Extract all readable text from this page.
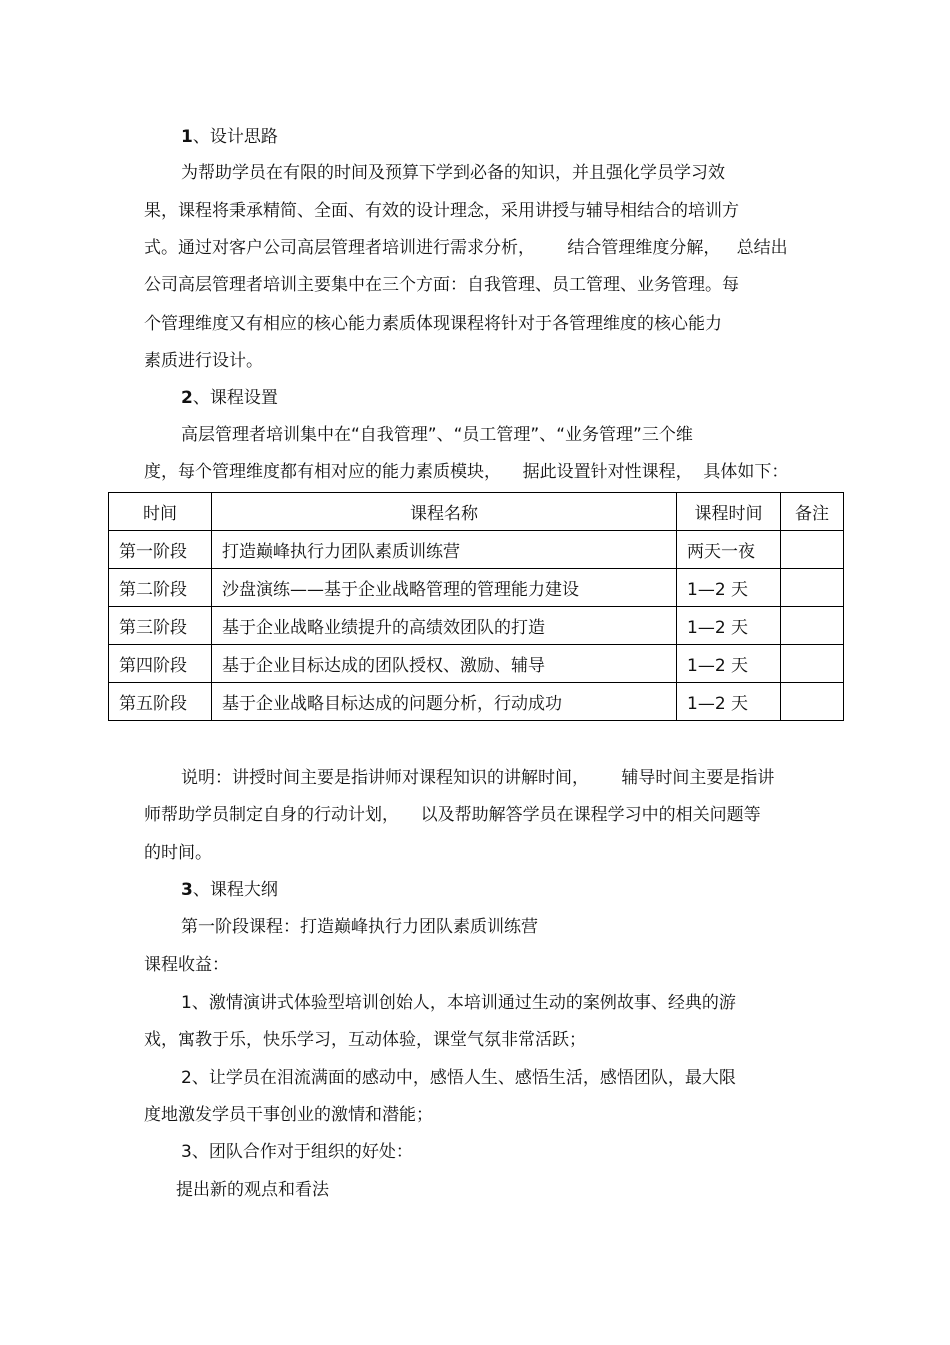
1、设计思路
为帮助学员在有限的时间及预算下学到必备的知识，并且强化学员学习效
果，课程将秉承精简、全面、有效的设计理念，采用讲授与辅导相结合的培训方
式。通过对客户公司高层管理者培训进行需求分析，      结合管理维度分解，   总结出
公司高层管理者培训主要集中在三个方面：自我管理、员工管理、业务管理。每
个管理维度又有相应的核心能力素质体现课程将针对于各管理维度的核心能力
素质进行设计。
2、课程设置
高层管理者培训集中在“自我管理”、“员工管理”、“业务管理”三个维
度，每个管理维度都有相对应的能力素质模块，    据此设置针对性课程，  具体如下：
时间	课程名称	课程时间	备注
第一阶段	打造巅峰执行力团队素质训练营	两天一夜	
第二阶段	沙盘演练——基于企业战略管理的管理能力建设	1—2 天	
第三阶段	基于企业战略业绩提升的高绩效团队的打造	1—2 天	
第四阶段	基于企业目标达成的团队授权、激励、辅导	1—2 天	
第五阶段	基于企业战略目标达成的问题分析，行动成功	1—2 天	
说明：讲授时间主要是指讲师对课程知识的讲解时间，      辅导时间主要是指讲
师帮助学员制定自身的行动计划，    以及帮助解答学员在课程学习中的相关问题等
的时间。
3、课程大纲
第一阶段课程：打造巅峰执行力团队素质训练营
课程收益：
1、激情演讲式体验型培训创始人，本培训通过生动的案例故事、经典的游
戏，寓教于乐，快乐学习，互动体验，课堂气氛非常活跃；
2、让学员在泪流满面的感动中，感悟人生、感悟生活，感悟团队，最大限
度地激发学员干事创业的激情和潜能；
3、团队合作对于组织的好处：
提出新的观点和看法
